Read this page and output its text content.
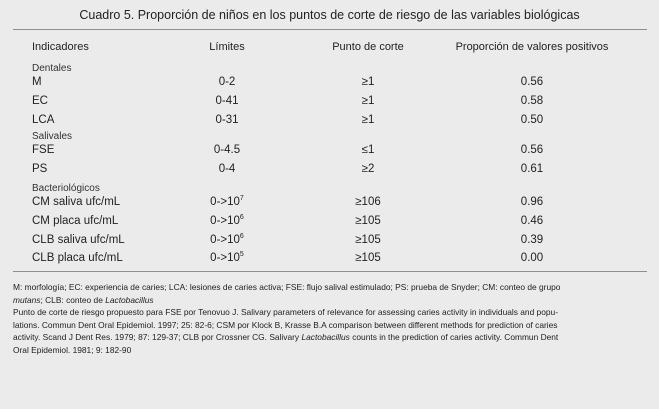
Cuadro 5. Proporción de niños en los puntos de corte de riesgo de las variables biológicas
Indicadores	Límites	Punto de corte	Proporción de valores positivos
Dentales
M	0-2	≥1	0.56
EC	0-41	≥1	0.58
LCA	0-31	≥1	0.50
Salivales
FSE	0-4.5	≤1	0.56
PS	0-4	≥2	0.61
Bacteriológicos
CM saliva ufc/mL	$0->10^7$	≥106	0.96
CM placa ufc/mL	$0->10^6$	≥105	0.46
CLB saliva ufc/mL	$0->10^6$	≥105	0.39
CLB placa ufc/mL	$0->10^5$	≥105	0.00

M: morfología; EC: experiencia de caries; LCA: lesiones de caries activa; FSE: flujo salival estimulado; PS: prueba de Snyder; CM: conteo de grupo
mutans; CLB: conteo de Lactobacillus

Punto de corte de riesgo propuesto para FSE por Tenovuo J. Salivary parameters of relevance for assessing caries activity in individuals and popu-
lations. Commun Dent Oral Epidemiol. 1997; 25: 82-6; CSM por Klock B, Krasse B.A comparison between different methods for prediction of caries
activity. Scand J Dent Res. 1979; 87: 129-37; CLB por Crossner CG. Salivary Lactobacillus counts in the prediction of caries activity. Commun Dent
Oral Epidemiol. 1981; 9: 182-90
